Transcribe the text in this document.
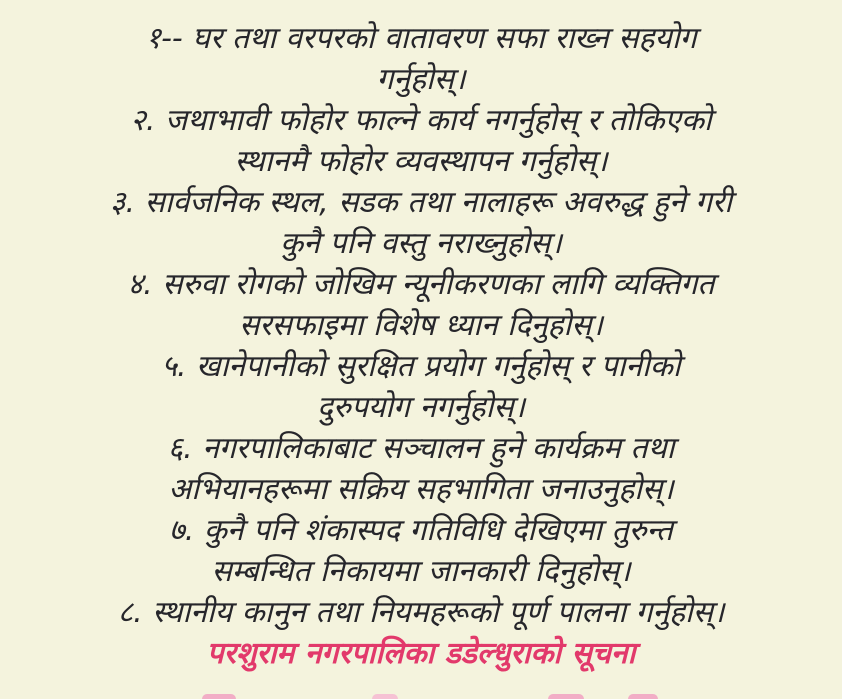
१-- घर तथा वरपरको वातावरण सफा राख्न सहयोग
गर्नुहोस्।
२. जथाभावी फोहोर फाल्ने कार्य नगर्नुहोस् र तोकिएको
स्थानमै फोहोर व्यवस्थापन गर्नुहोस्।
३. सार्वजनिक स्थल, सडक तथा नालाहरू अवरुद्ध हुने गरी
कुनै पनि वस्तु नराख्नुहोस्।
४. सरुवा रोगको जोखिम न्यूनीकरणका लागि व्यक्तिगत
सरसफाइमा विशेष ध्यान दिनुहोस्।
५. खानेपानीको सुरक्षित प्रयोग गर्नुहोस् र पानीको
दुरुपयोग नगर्नुहोस्।
६. नगरपालिकाबाट सञ्चालन हुने कार्यक्रम तथा
अभियानहरूमा सक्रिय सहभागिता जनाउनुहोस्।
७. कुनै पनि शंकास्पद गतिविधि देखिएमा तुरुन्त
सम्बन्धित निकायमा जानकारी दिनुहोस्।
८. स्थानीय कानुन तथा नियमहरूको पूर्ण पालना गर्नुहोस्।
परशुराम नगरपालिका डडेल्धुराको सूचना
